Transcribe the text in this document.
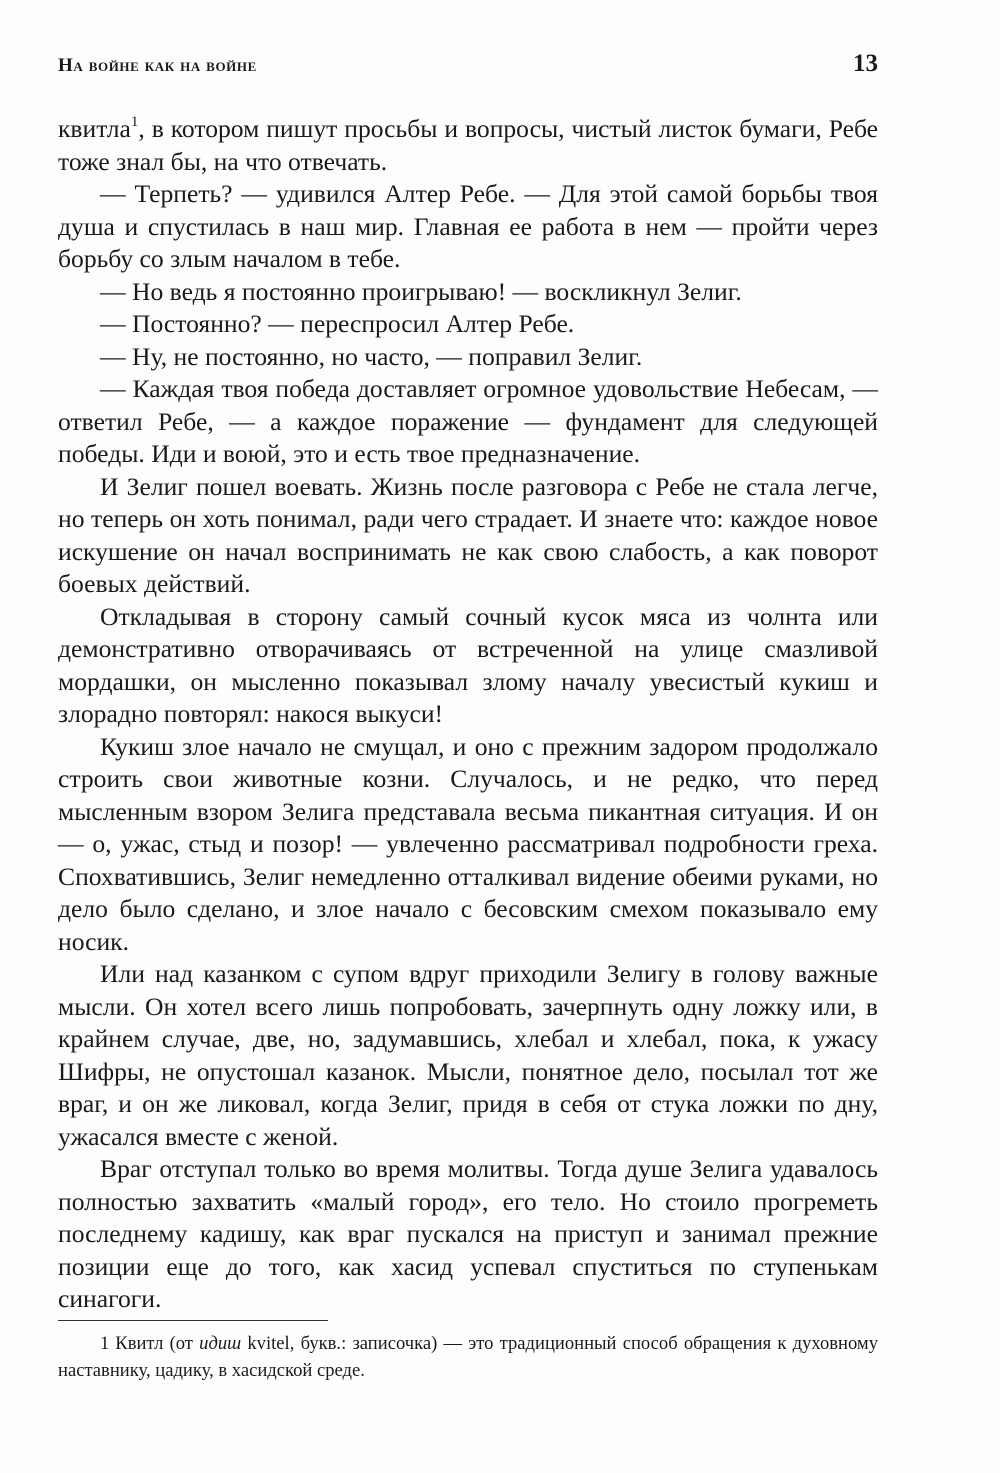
На войне как на войне	13

квитла$^1$, в котором пишут просьбы и вопросы, чистый листок бумаги, Ребе тоже знал бы, на что отвечать.

— Терпеть? — удивился Алтер Ребе. — Для этой самой борьбы твоя душа и спустилась в наш мир. Главная ее работа в нем — пройти через борьбу со злым началом в тебе.

— Но ведь я постоянно проигрываю! — воскликнул Зелиг.

— Постоянно? — переспросил Алтер Ребе.

— Ну, не постоянно, но часто, — поправил Зелиг.

— Каждая твоя победа доставляет огромное удовольствие Небесам, — ответил Ребе, — а каждое поражение — фундамент для следующей победы. Иди и воюй, это и есть твое предназначение.

И Зелиг пошел воевать. Жизнь после разговора с Ребе не стала легче, но теперь он хоть понимал, ради чего страдает. И знаете что: каждое новое искушение он начал воспринимать не как свою слабость, а как поворот боевых действий.

Откладывая в сторону самый сочный кусок мяса из чолнта или демонстративно отворачиваясь от встреченной на улице смазливой мордашки, он мысленно показывал злому началу увесистый кукиш и злорадно повторял: накося выкуси!

Кукиш злое начало не смущал, и оно с прежним задором продолжало строить свои животные козни. Случалось, и не редко, что перед мысленным взором Зелига представала весьма пикантная ситуация. И он — о, ужас, стыд и позор! — увлеченно рассматривал подробности греха. Спохватившись, Зелиг немедленно отталкивал видение обеими руками, но дело было сделано, и злое начало с бесовским смехом показывало ему носик.

Или над казанком с супом вдруг приходили Зелигу в голову важные мысли. Он хотел всего лишь попробовать, зачерпнуть одну ложку или, в крайнем случае, две, но, задумавшись, хлебал и хлебал, пока, к ужасу Шифры, не опустошал казанок. Мысли, понятное дело, посылал тот же враг, и он же ликовал, когда Зелиг, придя в себя от стука ложки по дну, ужасался вместе с женой.

Враг отступал только во время молитвы. Тогда душе Зелига удавалось полностью захватить «малый город», его тело. Но стоило прогреметь последнему кадишу, как враг пускался на приступ и занимал прежние позиции еще до того, как хасид успевал спуститься по ступенькам синагоги.

1 Квитл (от идиш kvitel, букв.: записочка) — это традиционный способ обращения к духовному наставнику, цадику, в хасидской среде.
